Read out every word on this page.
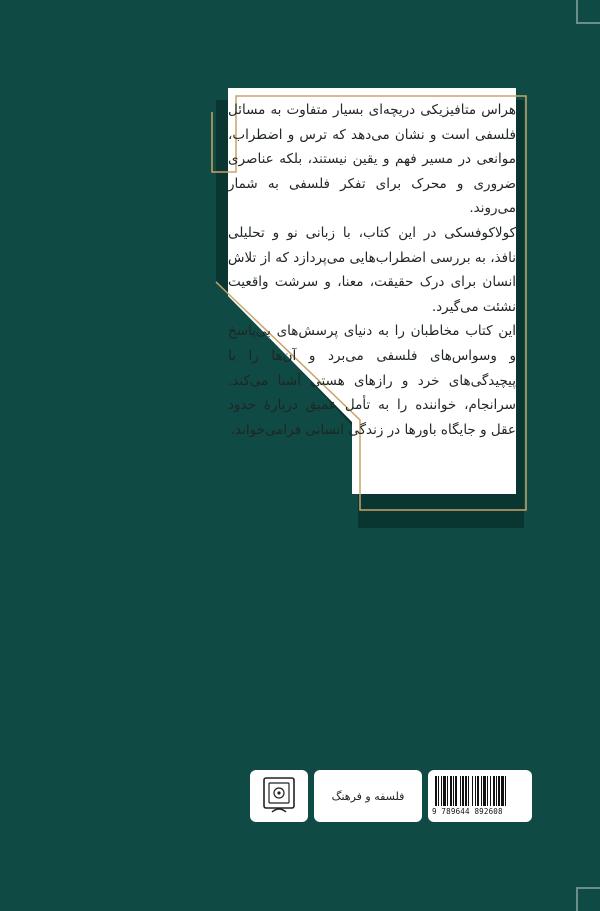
هراس متافیزیکی دریچه‌ای بسیار متفاوت به مسائل فلسفی است و نشان می‌دهد که ترس و اضطراب، موانعی در مسیر فهم و یقین نیستند، بلکه عناصری ضروری و محرک برای تفکر فلسفی به شمار می‌روند.

کولاکوفسکی در این کتاب، با زبانی نو و تحلیلی نافذ، به بررسی اضطراب‌هایی می‌پردازد که از تلاش انسان برای درک حقیقت، معنا، و سرشت واقعیت نشئت می‌گیرد.

این کتاب مخاطبان را به دنیای پرسش‌های بی‌پاسخ و وسواس‌های فلسفی می‌برد و آن‌ها را با پیچیدگی‌های خرد و رازهای هستی آشنا می‌کند. سرانجام، خواننده را به تأمل عمیق دربارهٔ حدود عقل و جایگاه باورها در زندگی انسانی فرامی‌خواند.

فلسفه و فرهنگ
9 789644 892608
